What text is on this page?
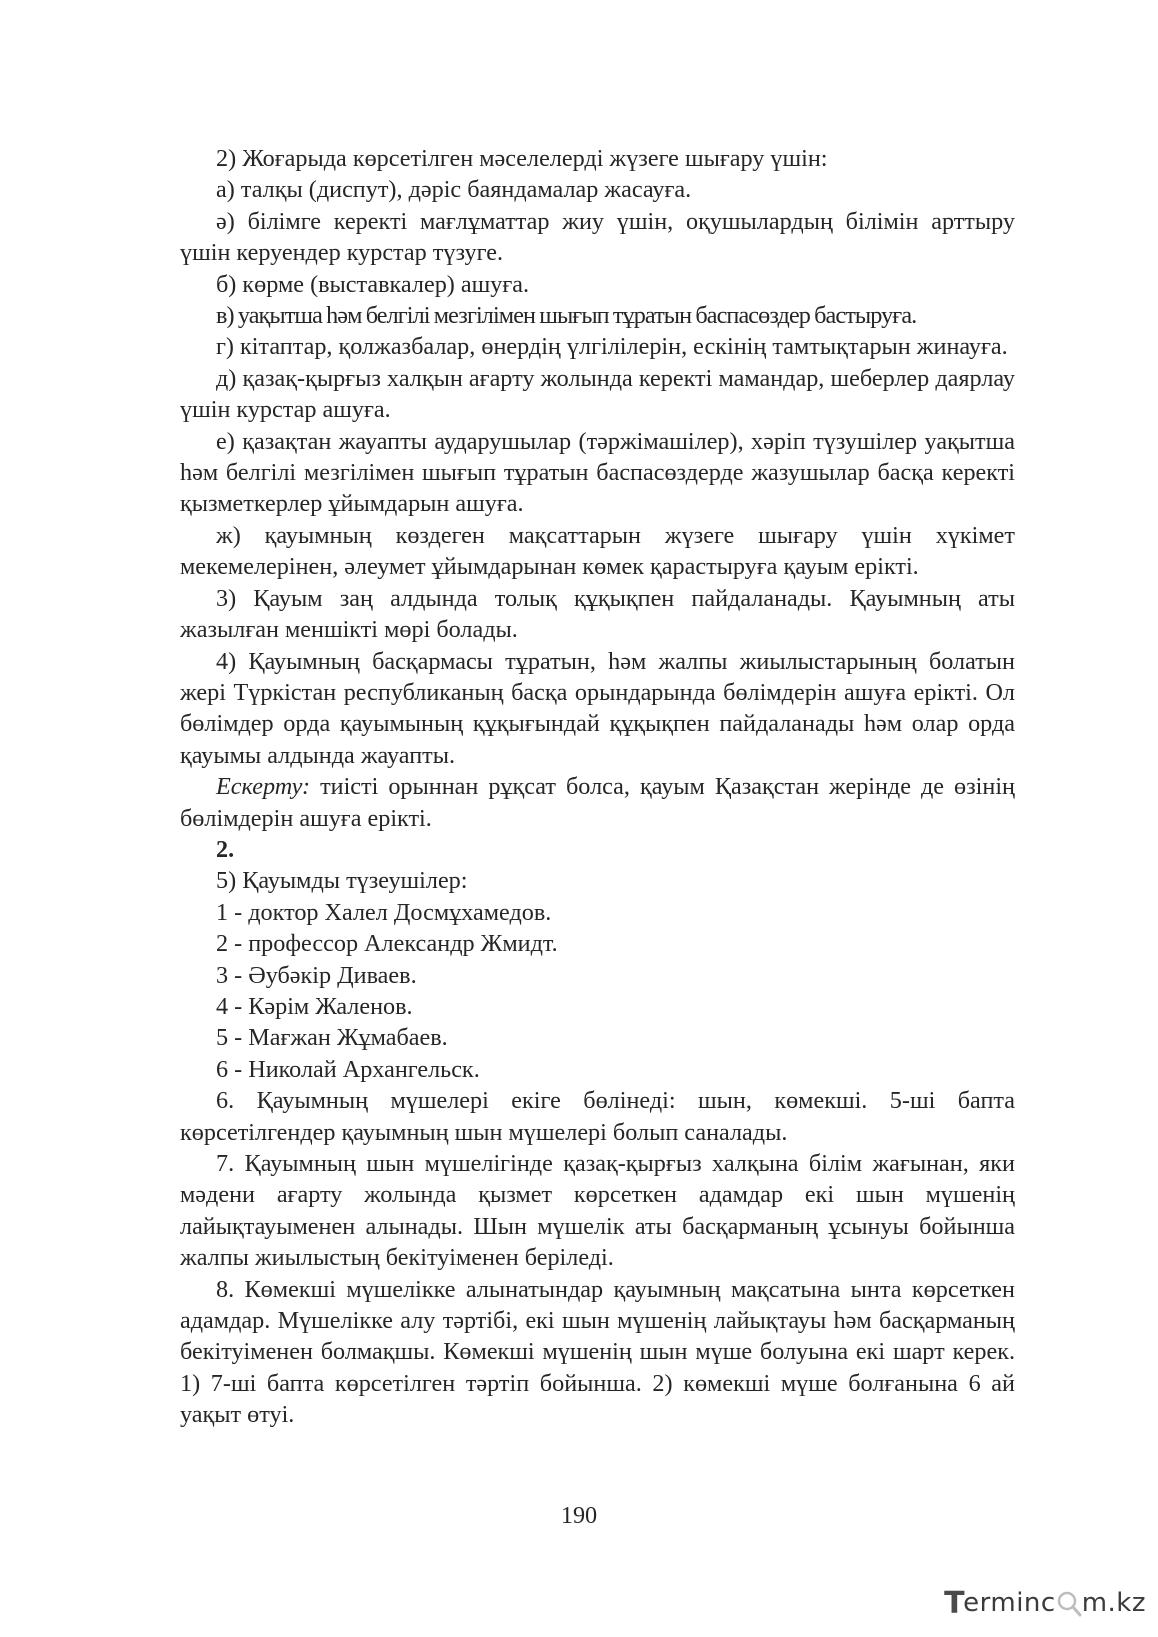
2) Жоғарыда көрсетілген мәселелерді жүзеге шығару үшін:

а) талқы (диспут), дәріс баяндамалар жасауға.

ә) білімге керекті мағлұматтар жиу үшін, оқушылардың білімін арттыру үшін керуендер курстар түзуге.

б) көрме (выставкалер) ашуға.

в) уақытша һәм белгілі мезгілімен шығып тұратын баспасөздер бастыруға.

г) кітаптар, қолжазбалар, өнердің үлгілілерін, ескінің тамтықтарын жинауға.

д) қазақ-қырғыз халқын ағарту жолында керекті мамандар, шеберлер даярлау үшін курстар ашуға.

е) қазақтан жауапты аударушылар (тәржімашілер), хәріп түзушілер уақытша һәм белгілі мезгілімен шығып тұратын баспасөздерде жазушылар басқа керекті қызметкерлер ұйымдарын ашуға.

ж) қауымның көздеген мақсаттарын жүзеге шығару үшін хүкімет мекемелерінен, әлеумет ұйымдарынан көмек қарастыруға қауым ерікті.

3) Қауым заң алдында толық құқықпен пайдаланады. Қауымның аты жазылған меншікті мөрі болады.

4) Қауымның басқармасы тұратын, һәм жалпы жиылыстарының болатын жері Түркістан республиканың басқа орындарында бөлімдерін ашуға ерікті. Ол бөлімдер орда қауымының құқығындай құқықпен пайдаланады һәм олар орда қауымы алдында жауапты.

Ескерту: тиісті орыннан рұқсат болса, қауым Қазақстан жерінде де өзінің бөлімдерін ашуға ерікті.

2.

5) Қауымды түзеушілер:

1 - доктор Халел Досмұхамедов.

2 - профессор Александр Жмидт.

3 - Әубәкір Диваев.

4 - Кәрім Жаленов.

5 - Мағжан Жұмабаев.

6 - Николай Архангельск.

6. Қауымның мүшелері екіге бөлінеді: шын, көмекші. 5-ші бапта көрсетілгендер қауымның шын мүшелері болып саналады.

7. Қауымның шын мүшелігінде қазақ-қырғыз халқына білім жағынан, яки мәдени ағарту жолында қызмет көрсеткен адамдар екі шын мүшенің лайықтауыменен алынады. Шын мүшелік аты басқарманың ұсынуы бойынша жалпы жиылыстың бекітуіменен беріледі.

8. Көмекші мүшелікке алынатындар қауымның мақсатына ынта көрсеткен адамдар. Мүшелікке алу тәртібі, екі шын мүшенің лайықтауы һәм басқарманың бекітуіменен болмақшы. Көмекші мүшенің шын мүше болуына екі шарт керек. 1) 7-ші бапта көрсетілген тәртіп бойынша. 2) көмекші мүше болғанына 6 ай уақыт өтуі.

190
T
erminc m.kz
